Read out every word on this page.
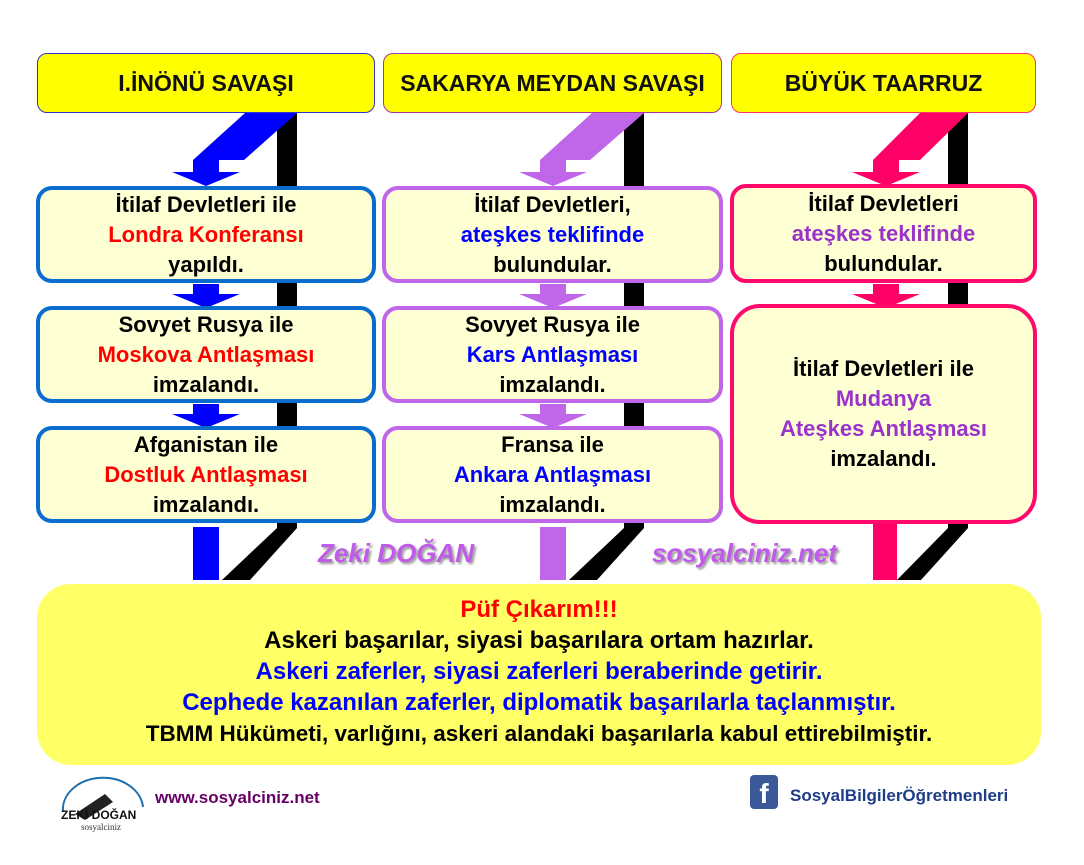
I.İNÖNÜ SAVAŞI	SAKARYA MEYDAN SAVAŞI	BÜYÜK TAARRUZ
İtilaf Devletleri ile
Londra Konferansı
yapıldı.
Sovyet Rusya ile
Moskova Antlaşması
imzalandı.
Afganistan ile
Dostluk Antlaşması
imzalandı.
İtilaf Devletleri,
ateşkes teklifinde
bulundular.
Sovyet Rusya ile
Kars Antlaşması
imzalandı.
Fransa ile
Ankara Antlaşması
imzalandı.
İtilaf Devletleri
ateşkes teklifinde
bulundular.
İtilaf Devletleri ile
Mudanya
Ateşkes Antlaşması
imzalandı.
Zeki DOĞAN	sosyalciniz.net
Püf Çıkarım!!!
Askeri başarılar, siyasi başarılara ortam hazırlar.
Askeri zaferler, siyasi zaferleri beraberinde getirir.
Cephede kazanılan zaferler, diplomatik başarılarla taçlanmıştır.
TBMM Hükümeti, varlığını, askeri alandaki başarılarla kabul ettirebilmiştir.
ZEKİ DOĞAN
sosyalciniz
www.sosyalciniz.net	f	SosyalBilgilerÖğretmenleri
